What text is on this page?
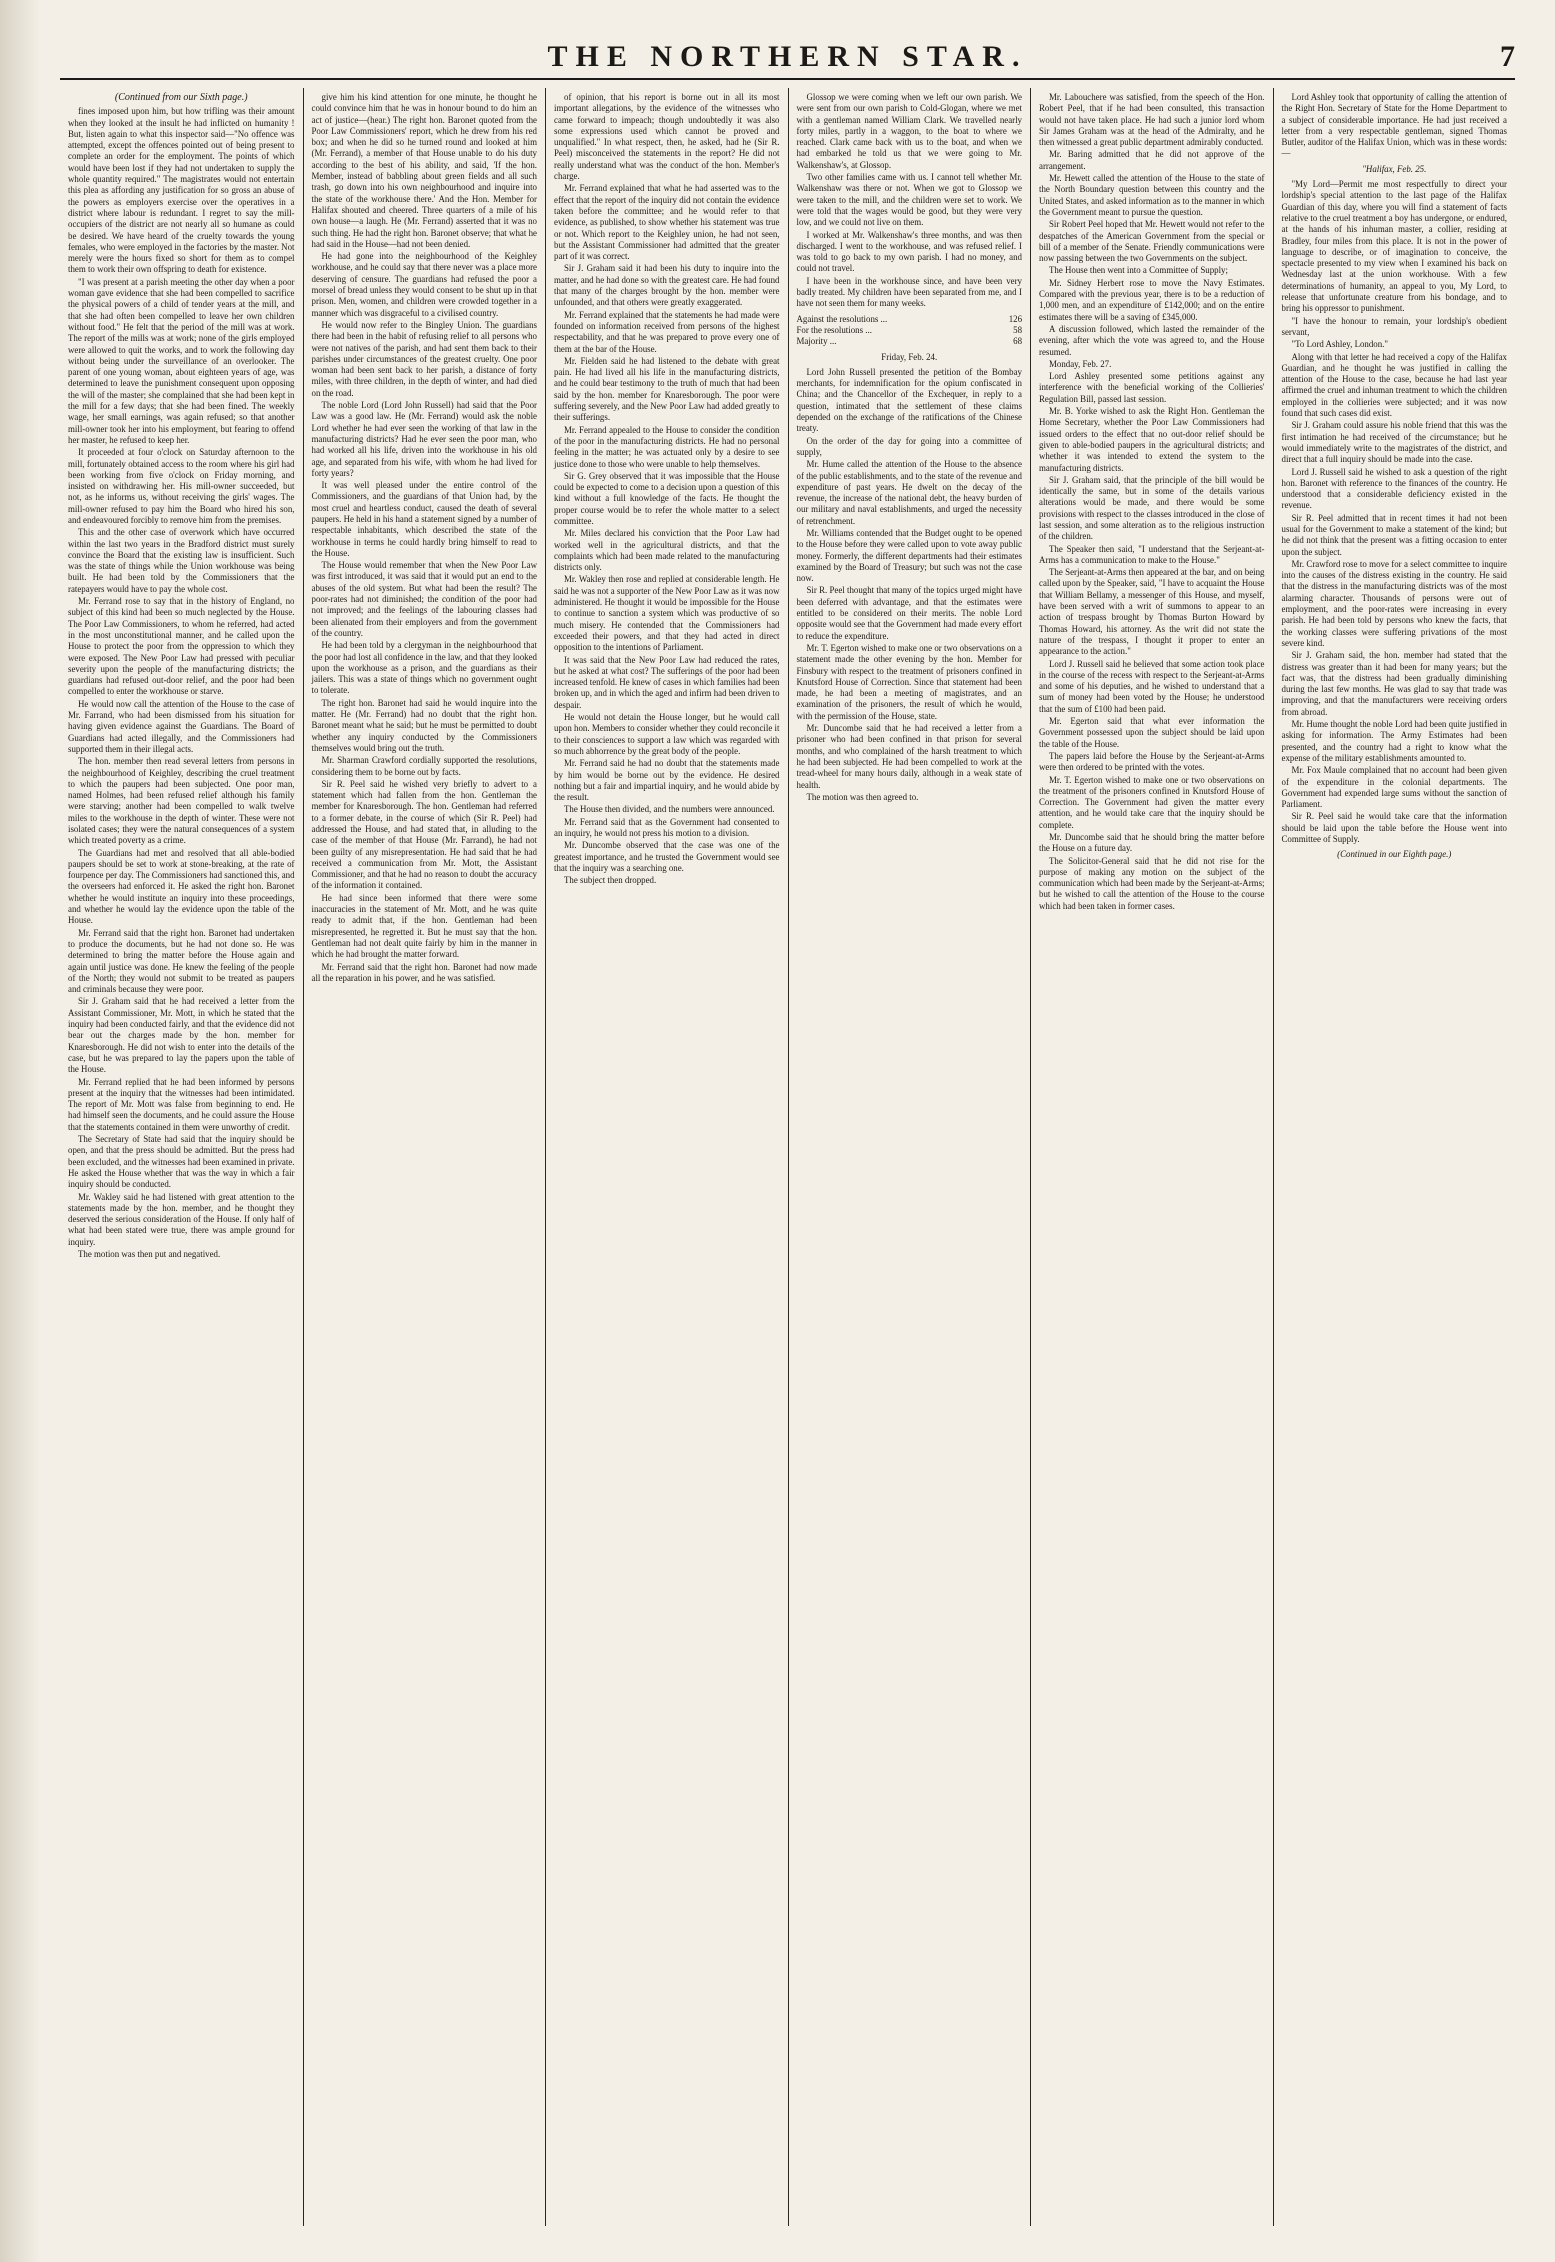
THE NORTHERN STAR.	7

(Continued from our Sixth page.)

fines imposed upon him, but how trifling was their amount when they looked at the insult he had inflicted on humanity ! But, listen again to what this inspector said—"No offence was attempted, except the offences pointed out of being present to complete an order for the employment. The points of which would have been lost if they had not undertaken to supply the whole quantity required." The magistrates would not entertain this plea as affording any justification for so gross an abuse of the powers as employers exercise over the operatives in a district where labour is redundant. I regret to say the mill-occupiers of the district are not nearly all so humane as could be desired. We have heard of the cruelty towards the young females, who were employed in the factories by the master. Not merely were the hours fixed so short for them as to compel them to work their own offspring to death for existence.

"I was present at a parish meeting the other day when a poor woman gave evidence that she had been compelled to sacrifice the physical powers of a child of tender years at the mill, and that she had often been compelled to leave her own children without food." He felt that the period of the mill was at work. The report of the mills was at work; none of the girls employed were allowed to quit the works, and to work the following day without being under the surveillance of an overlooker. The parent of one young woman, about eighteen years of age, was determined to leave the punishment consequent upon opposing the will of the master; she complained that she had been kept in the mill for a few days; that she had been fined. The weekly wage, her small earnings, was again refused; so that another mill-owner took her into his employment, but fearing to offend her master, he refused to keep her.

It proceeded at four o'clock on Saturday afternoon to the mill, fortunately obtained access to the room where his girl had been working from five o'clock on Friday morning, and insisted on withdrawing her. His mill-owner succeeded, but not, as he informs us, without receiving the girls' wages. The mill-owner refused to pay him the Board who hired his son, and endeavoured forcibly to remove him from the premises.

This and the other case of overwork which have occurred within the last two years in the Bradford district must surely convince the Board that the existing law is insufficient. Such was the state of things while the Union workhouse was being built. He had been told by the Commissioners that the ratepayers would have to pay the whole cost.

Mr. Ferrand rose to say that in the history of England, no subject of this kind had been so much neglected by the House. The Poor Law Commissioners, to whom he referred, had acted in the most unconstitutional manner, and he called upon the House to protect the poor from the oppression to which they were exposed. The New Poor Law had pressed with peculiar severity upon the people of the manufacturing districts; the guardians had refused out-door relief, and the poor had been compelled to enter the workhouse or starve.

He would now call the attention of the House to the case of Mr. Farrand, who had been dismissed from his situation for having given evidence against the Guardians. The Board of Guardians had acted illegally, and the Commissioners had supported them in their illegal acts.

The hon. member then read several letters from persons in the neighbourhood of Keighley, describing the cruel treatment to which the paupers had been subjected. One poor man, named Holmes, had been refused relief although his family were starving; another had been compelled to walk twelve miles to the workhouse in the depth of winter. These were not isolated cases; they were the natural consequences of a system which treated poverty as a crime.

The Guardians had met and resolved that all able-bodied paupers should be set to work at stone-breaking, at the rate of fourpence per day. The Commissioners had sanctioned this, and the overseers had enforced it. He asked the right hon. Baronet whether he would institute an inquiry into these proceedings, and whether he would lay the evidence upon the table of the House.

Mr. Ferrand said that the right hon. Baronet had undertaken to produce the documents, but he had not done so. He was determined to bring the matter before the House again and again until justice was done. He knew the feeling of the people of the North; they would not submit to be treated as paupers and criminals because they were poor.

Sir J. Graham said that he had received a letter from the Assistant Commissioner, Mr. Mott, in which he stated that the inquiry had been conducted fairly, and that the evidence did not bear out the charges made by the hon. member for Knaresborough. He did not wish to enter into the details of the case, but he was prepared to lay the papers upon the table of the House.

Mr. Ferrand replied that he had been informed by persons present at the inquiry that the witnesses had been intimidated. The report of Mr. Mott was false from beginning to end. He had himself seen the documents, and he could assure the House that the statements contained in them were unworthy of credit.

The Secretary of State had said that the inquiry should be open, and that the press should be admitted. But the press had been excluded, and the witnesses had been examined in private. He asked the House whether that was the way in which a fair inquiry should be conducted.

Mr. Wakley said he had listened with great attention to the statements made by the hon. member, and he thought they deserved the serious consideration of the House. If only half of what had been stated were true, there was ample ground for inquiry.

The motion was then put and negatived.

give him his kind attention for one minute, he thought he could convince him that he was in honour bound to do him an act of justice—(hear.) The right hon. Baronet quoted from the Poor Law Commissioners' report, which he drew from his red box; and when he did so he turned round and looked at him (Mr. Ferrand), a member of that House unable to do his duty according to the best of his ability, and said, 'If the hon. Member, instead of babbling about green fields and all such trash, go down into his own neighbourhood and inquire into the state of the workhouse there.' And the Hon. Member for Halifax shouted and cheered. Three quarters of a mile of his own house—a laugh. He (Mr. Ferrand) asserted that it was no such thing. He had the right hon. Baronet observe; that what he had said in the House—had not been denied.

He had gone into the neighbourhood of the Keighley workhouse, and he could say that there never was a place more deserving of censure. The guardians had refused the poor a morsel of bread unless they would consent to be shut up in that prison. Men, women, and children were crowded together in a manner which was disgraceful to a civilised country.

He would now refer to the Bingley Union. The guardians there had been in the habit of refusing relief to all persons who were not natives of the parish, and had sent them back to their parishes under circumstances of the greatest cruelty. One poor woman had been sent back to her parish, a distance of forty miles, with three children, in the depth of winter, and had died on the road.

The noble Lord (Lord John Russell) had said that the Poor Law was a good law. He (Mr. Ferrand) would ask the noble Lord whether he had ever seen the working of that law in the manufacturing districts? Had he ever seen the poor man, who had worked all his life, driven into the workhouse in his old age, and separated from his wife, with whom he had lived for forty years?

It was well pleased under the entire control of the Commissioners, and the guardians of that Union had, by the most cruel and heartless conduct, caused the death of several paupers. He held in his hand a statement signed by a number of respectable inhabitants, which described the state of the workhouse in terms he could hardly bring himself to read to the House.

The House would remember that when the New Poor Law was first introduced, it was said that it would put an end to the abuses of the old system. But what had been the result? The poor-rates had not diminished; the condition of the poor had not improved; and the feelings of the labouring classes had been alienated from their employers and from the government of the country.

He had been told by a clergyman in the neighbourhood that the poor had lost all confidence in the law, and that they looked upon the workhouse as a prison, and the guardians as their jailers. This was a state of things which no government ought to tolerate.

The right hon. Baronet had said he would inquire into the matter. He (Mr. Ferrand) had no doubt that the right hon. Baronet meant what he said; but he must be permitted to doubt whether any inquiry conducted by the Commissioners themselves would bring out the truth.

Mr. Sharman Crawford cordially supported the resolutions, considering them to be borne out by facts.

Sir R. Peel said he wished very briefly to advert to a statement which had fallen from the hon. Gentleman the member for Knaresborough. The hon. Gentleman had referred to a former debate, in the course of which (Sir R. Peel) had addressed the House, and had stated that, in alluding to the case of the member of that House (Mr. Farrand), he had not been guilty of any misrepresentation. He had said that he had received a communication from Mr. Mott, the Assistant Commissioner, and that he had no reason to doubt the accuracy of the information it contained.

He had since been informed that there were some inaccuracies in the statement of Mr. Mott, and he was quite ready to admit that, if the hon. Gentleman had been misrepresented, he regretted it. But he must say that the hon. Gentleman had not dealt quite fairly by him in the manner in which he had brought the matter forward.

Mr. Ferrand said that the right hon. Baronet had now made all the reparation in his power, and he was satisfied.

of opinion, that his report is borne out in all its most important allegations, by the evidence of the witnesses who came forward to impeach; though undoubtedly it was also some expressions used which cannot be proved and unqualified." In what respect, then, he asked, had he (Sir R. Peel) misconceived the statements in the report? He did not really understand what was the conduct of the hon. Member's charge.

Mr. Ferrand explained that what he had asserted was to the effect that the report of the inquiry did not contain the evidence taken before the committee; and he would refer to that evidence, as published, to show whether his statement was true or not. Which report to the Keighley union, he had not seen, but the Assistant Commissioner had admitted that the greater part of it was correct.

Sir J. Graham said it had been his duty to inquire into the matter, and he had done so with the greatest care. He had found that many of the charges brought by the hon. member were unfounded, and that others were greatly exaggerated.

Mr. Ferrand explained that the statements he had made were founded on information received from persons of the highest respectability, and that he was prepared to prove every one of them at the bar of the House.

Mr. Fielden said he had listened to the debate with great pain. He had lived all his life in the manufacturing districts, and he could bear testimony to the truth of much that had been said by the hon. member for Knaresborough. The poor were suffering severely, and the New Poor Law had added greatly to their sufferings.

Mr. Ferrand appealed to the House to consider the condition of the poor in the manufacturing districts. He had no personal feeling in the matter; he was actuated only by a desire to see justice done to those who were unable to help themselves.

Sir G. Grey observed that it was impossible that the House could be expected to come to a decision upon a question of this kind without a full knowledge of the facts. He thought the proper course would be to refer the whole matter to a select committee.

Mr. Miles declared his conviction that the Poor Law had worked well in the agricultural districts, and that the complaints which had been made related to the manufacturing districts only.

Mr. Wakley then rose and replied at considerable length. He said he was not a supporter of the New Poor Law as it was now administered. He thought it would be impossible for the House to continue to sanction a system which was productive of so much misery. He contended that the Commissioners had exceeded their powers, and that they had acted in direct opposition to the intentions of Parliament.

It was said that the New Poor Law had reduced the rates, but he asked at what cost? The sufferings of the poor had been increased tenfold. He knew of cases in which families had been broken up, and in which the aged and infirm had been driven to despair.

He would not detain the House longer, but he would call upon hon. Members to consider whether they could reconcile it to their consciences to support a law which was regarded with so much abhorrence by the great body of the people.

Mr. Ferrand said he had no doubt that the statements made by him would be borne out by the evidence. He desired nothing but a fair and impartial inquiry, and he would abide by the result.

The House then divided, and the numbers were announced.

Mr. Ferrand said that as the Government had consented to an inquiry, he would not press his motion to a division.

Mr. Duncombe observed that the case was one of the greatest importance, and he trusted the Government would see that the inquiry was a searching one.

The subject then dropped.

Glossop we were coming when we left our own parish. We were sent from our own parish to Cold-Glogan, where we met with a gentleman named William Clark. We travelled nearly forty miles, partly in a waggon, to the boat to where we reached. Clark came back with us to the boat, and when we had embarked he told us that we were going to Mr. Walkenshaw's, at Glossop.

Two other families came with us. I cannot tell whether Mr. Walkenshaw was there or not. When we got to Glossop we were taken to the mill, and the children were set to work. We were told that the wages would be good, but they were very low, and we could not live on them.

I worked at Mr. Walkenshaw's three months, and was then discharged. I went to the workhouse, and was refused relief. I was told to go back to my own parish. I had no money, and could not travel.

I have been in the workhouse since, and have been very badly treated. My children have been separated from me, and I have not seen them for many weeks.

Against the resolutions ...	126
For the resolutions ...	58
Majority ...	68

Friday, Feb. 24.

Lord John Russell presented the petition of the Bombay merchants, for indemnification for the opium confiscated in China; and the Chancellor of the Exchequer, in reply to a question, intimated that the settlement of these claims depended on the exchange of the ratifications of the Chinese treaty.

On the order of the day for going into a committee of supply,

Mr. Hume called the attention of the House to the absence of the public establishments, and to the state of the revenue and expenditure of past years. He dwelt on the decay of the revenue, the increase of the national debt, the heavy burden of our military and naval establishments, and urged the necessity of retrenchment.

Mr. Williams contended that the Budget ought to be opened to the House before they were called upon to vote away public money. Formerly, the different departments had their estimates examined by the Board of Treasury; but such was not the case now.

Sir R. Peel thought that many of the topics urged might have been deferred with advantage, and that the estimates were entitled to be considered on their merits. The noble Lord opposite would see that the Government had made every effort to reduce the expenditure.

Mr. T. Egerton wished to make one or two observations on a statement made the other evening by the hon. Member for Finsbury with respect to the treatment of prisoners confined in Knutsford House of Correction. Since that statement had been made, he had been a meeting of magistrates, and an examination of the prisoners, the result of which he would, with the permission of the House, state.

Mr. Duncombe said that he had received a letter from a prisoner who had been confined in that prison for several months, and who complained of the harsh treatment to which he had been subjected. He had been compelled to work at the tread-wheel for many hours daily, although in a weak state of health.

The motion was then agreed to.

Mr. Labouchere was satisfied, from the speech of the Hon. Robert Peel, that if he had been consulted, this transaction would not have taken place. He had such a junior lord whom Sir James Graham was at the head of the Admiralty, and he then witnessed a great public department admirably conducted.

Mr. Baring admitted that he did not approve of the arrangement.

Mr. Hewett called the attention of the House to the state of the North Boundary question between this country and the United States, and asked information as to the manner in which the Government meant to pursue the question.

Sir Robert Peel hoped that Mr. Hewett would not refer to the despatches of the American Government from the special or bill of a member of the Senate. Friendly communications were now passing between the two Governments on the subject.

The House then went into a Committee of Supply;

Mr. Sidney Herbert rose to move the Navy Estimates. Compared with the previous year, there is to be a reduction of 1,000 men, and an expenditure of £142,000; and on the entire estimates there will be a saving of £345,000.

A discussion followed, which lasted the remainder of the evening, after which the vote was agreed to, and the House resumed.

Monday, Feb. 27.

Lord Ashley presented some petitions against any interference with the beneficial working of the Collieries' Regulation Bill, passed last session.

Mr. B. Yorke wished to ask the Right Hon. Gentleman the Home Secretary, whether the Poor Law Commissioners had issued orders to the effect that no out-door relief should be given to able-bodied paupers in the agricultural districts; and whether it was intended to extend the system to the manufacturing districts.

Sir J. Graham said, that the principle of the bill would be identically the same, but in some of the details various alterations would be made, and there would be some provisions with respect to the classes introduced in the close of last session, and some alteration as to the religious instruction of the children.

The Speaker then said, "I understand that the Serjeant-at-Arms has a communication to make to the House."

The Serjeant-at-Arms then appeared at the bar, and on being called upon by the Speaker, said, "I have to acquaint the House that William Bellamy, a messenger of this House, and myself, have been served with a writ of summons to appear to an action of trespass brought by Thomas Burton Howard by Thomas Howard, his attorney. As the writ did not state the nature of the trespass, I thought it proper to enter an appearance to the action."

Lord J. Russell said he believed that some action took place in the course of the recess with respect to the Serjeant-at-Arms and some of his deputies, and he wished to understand that a sum of money had been voted by the House; he understood that the sum of £100 had been paid.

Mr. Egerton said that what ever information the Government possessed upon the subject should be laid upon the table of the House.

The papers laid before the House by the Serjeant-at-Arms were then ordered to be printed with the votes.

Mr. T. Egerton wished to make one or two observations on the treatment of the prisoners confined in Knutsford House of Correction. The Government had given the matter every attention, and he would take care that the inquiry should be complete.

Mr. Duncombe said that he should bring the matter before the House on a future day.

The Solicitor-General said that he did not rise for the purpose of making any motion on the subject of the communication which had been made by the Serjeant-at-Arms; but he wished to call the attention of the House to the course which had been taken in former cases.

Lord Ashley took that opportunity of calling the attention of the Right Hon. Secretary of State for the Home Department to a subject of considerable importance. He had just received a letter from a very respectable gentleman, signed Thomas Butler, auditor of the Halifax Union, which was in these words:—

"Halifax, Feb. 25.

"My Lord—Permit me most respectfully to direct your lordship's special attention to the last page of the Halifax Guardian of this day, where you will find a statement of facts relative to the cruel treatment a boy has undergone, or endured, at the hands of his inhuman master, a collier, residing at Bradley, four miles from this place. It is not in the power of language to describe, or of imagination to conceive, the spectacle presented to my view when I examined his back on Wednesday last at the union workhouse. With a few determinations of humanity, an appeal to you, My Lord, to release that unfortunate creature from his bondage, and to bring his oppressor to punishment.

"I have the honour to remain, your lordship's obedient servant,

"To Lord Ashley, London."

Along with that letter he had received a copy of the Halifax Guardian, and he thought he was justified in calling the attention of the House to the case, because he had last year affirmed the cruel and inhuman treatment to which the children employed in the collieries were subjected; and it was now found that such cases did exist.

Sir J. Graham could assure his noble friend that this was the first intimation he had received of the circumstance; but he would immediately write to the magistrates of the district, and direct that a full inquiry should be made into the case.

Lord J. Russell said he wished to ask a question of the right hon. Baronet with reference to the finances of the country. He understood that a considerable deficiency existed in the revenue.

Sir R. Peel admitted that in recent times it had not been usual for the Government to make a statement of the kind; but he did not think that the present was a fitting occasion to enter upon the subject.

Mr. Crawford rose to move for a select committee to inquire into the causes of the distress existing in the country. He said that the distress in the manufacturing districts was of the most alarming character. Thousands of persons were out of employment, and the poor-rates were increasing in every parish. He had been told by persons who knew the facts, that the working classes were suffering privations of the most severe kind.

Sir J. Graham said, the hon. member had stated that the distress was greater than it had been for many years; but the fact was, that the distress had been gradually diminishing during the last few months. He was glad to say that trade was improving, and that the manufacturers were receiving orders from abroad.

Mr. Hume thought the noble Lord had been quite justified in asking for information. The Army Estimates had been presented, and the country had a right to know what the expense of the military establishments amounted to.

Mr. Fox Maule complained that no account had been given of the expenditure in the colonial departments. The Government had expended large sums without the sanction of Parliament.

Sir R. Peel said he would take care that the information should be laid upon the table before the House went into Committee of Supply.

(Continued in our Eighth page.)
